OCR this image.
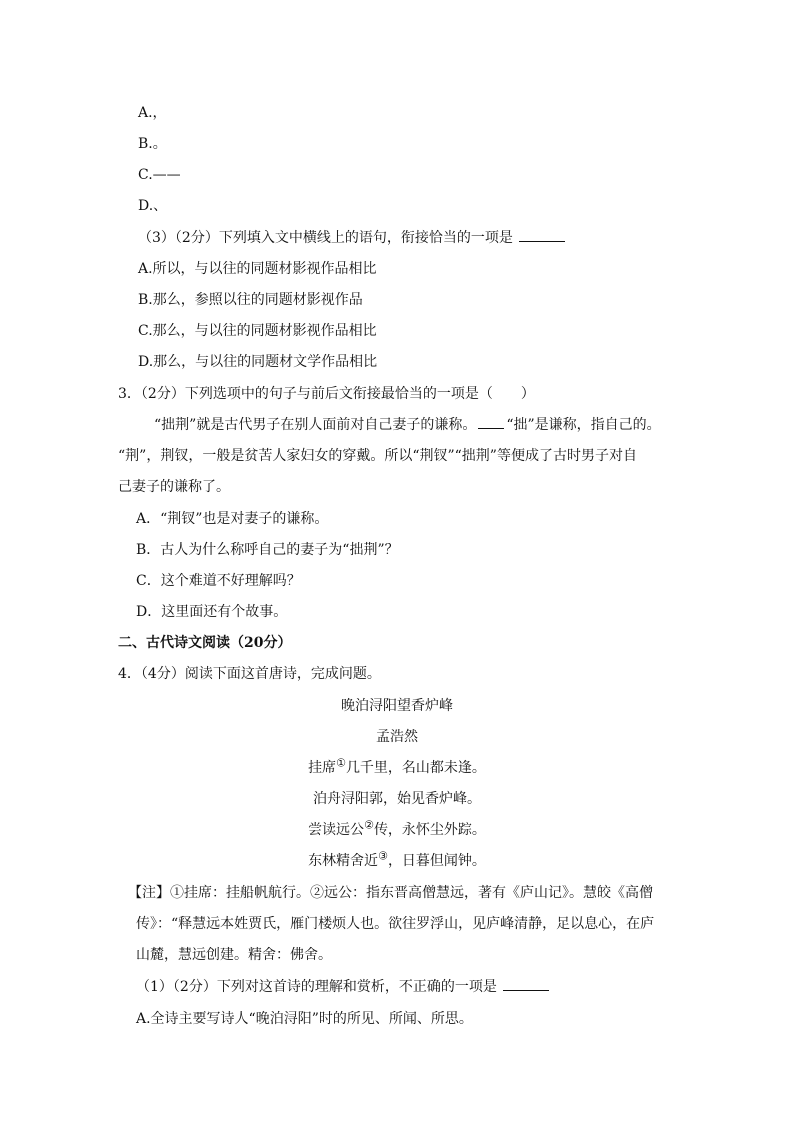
A.，
B.。
C.——
D.、
（3）（2分）下列填入文中横线上的语句，衔接恰当的一项是
A.所以，与以往的同题材影视作品相比
B.那么，参照以往的同题材影视作品
C.那么，与以往的同题材影视作品相比
D.那么，与以往的同题材文学作品相比
3．（2分）下列选项中的句子与前后文衔接最恰当的一项是（　　）
“拙荆”就是古代男子在别人面前对自己妻子的谦称。 “拙”是谦称，指自己的。
“荆”，荆钗，一般是贫苦人家妇女的穿戴。所以“荆钗”“拙荆”等便成了古时男子对自
己妻子的谦称了。
A．“荆钗”也是对妻子的谦称。
B．古人为什么称呼自己的妻子为“拙荆”？
C．这个难道不好理解吗？
D．这里面还有个故事。
二、古代诗文阅读（20分）
4．（4分）阅读下面这首唐诗，完成问题。
晚泊浔阳望香炉峰
孟浩然
挂席①几千里，名山都未逢。
泊舟浔阳郭，始见香炉峰。
尝读远公②传，永怀尘外踪。
东林精舍近③，日暮但闻钟。
【注】①挂席：挂船帆航行。②远公：指东晋高僧慧远，著有《庐山记》。慧皎《高僧
传》：“释慧远本姓贾氏，雁门楼烦人也。欲往罗浮山，见庐峰清静，足以息心，在庐
山麓，慧远创建。精舍：佛舍。
（1）（2分）下列对这首诗的理解和赏析，不正确的一项是
A.全诗主要写诗人“晚泊浔阳”时的所见、所闻、所思。
